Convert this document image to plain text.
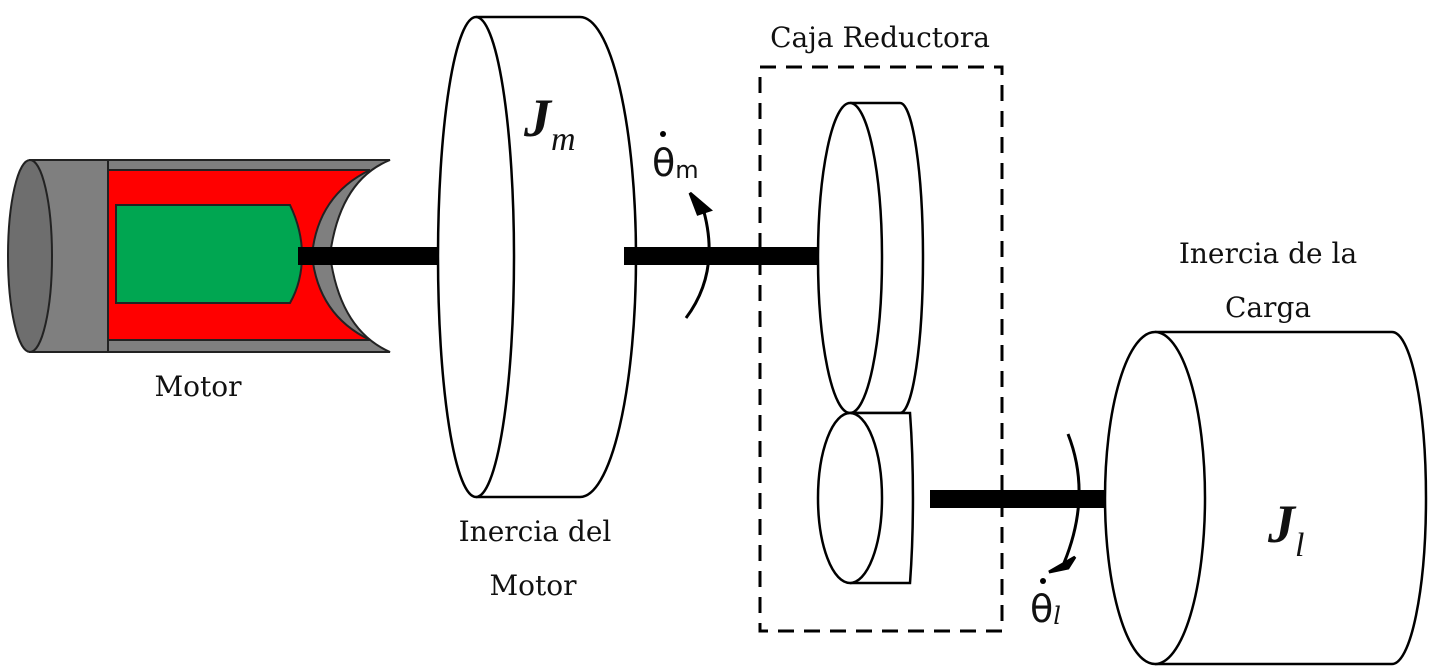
Motor
Jm
Inercia del
Motor
θm
Caja Reductora
θl
Jl
Inercia de la
Carga
